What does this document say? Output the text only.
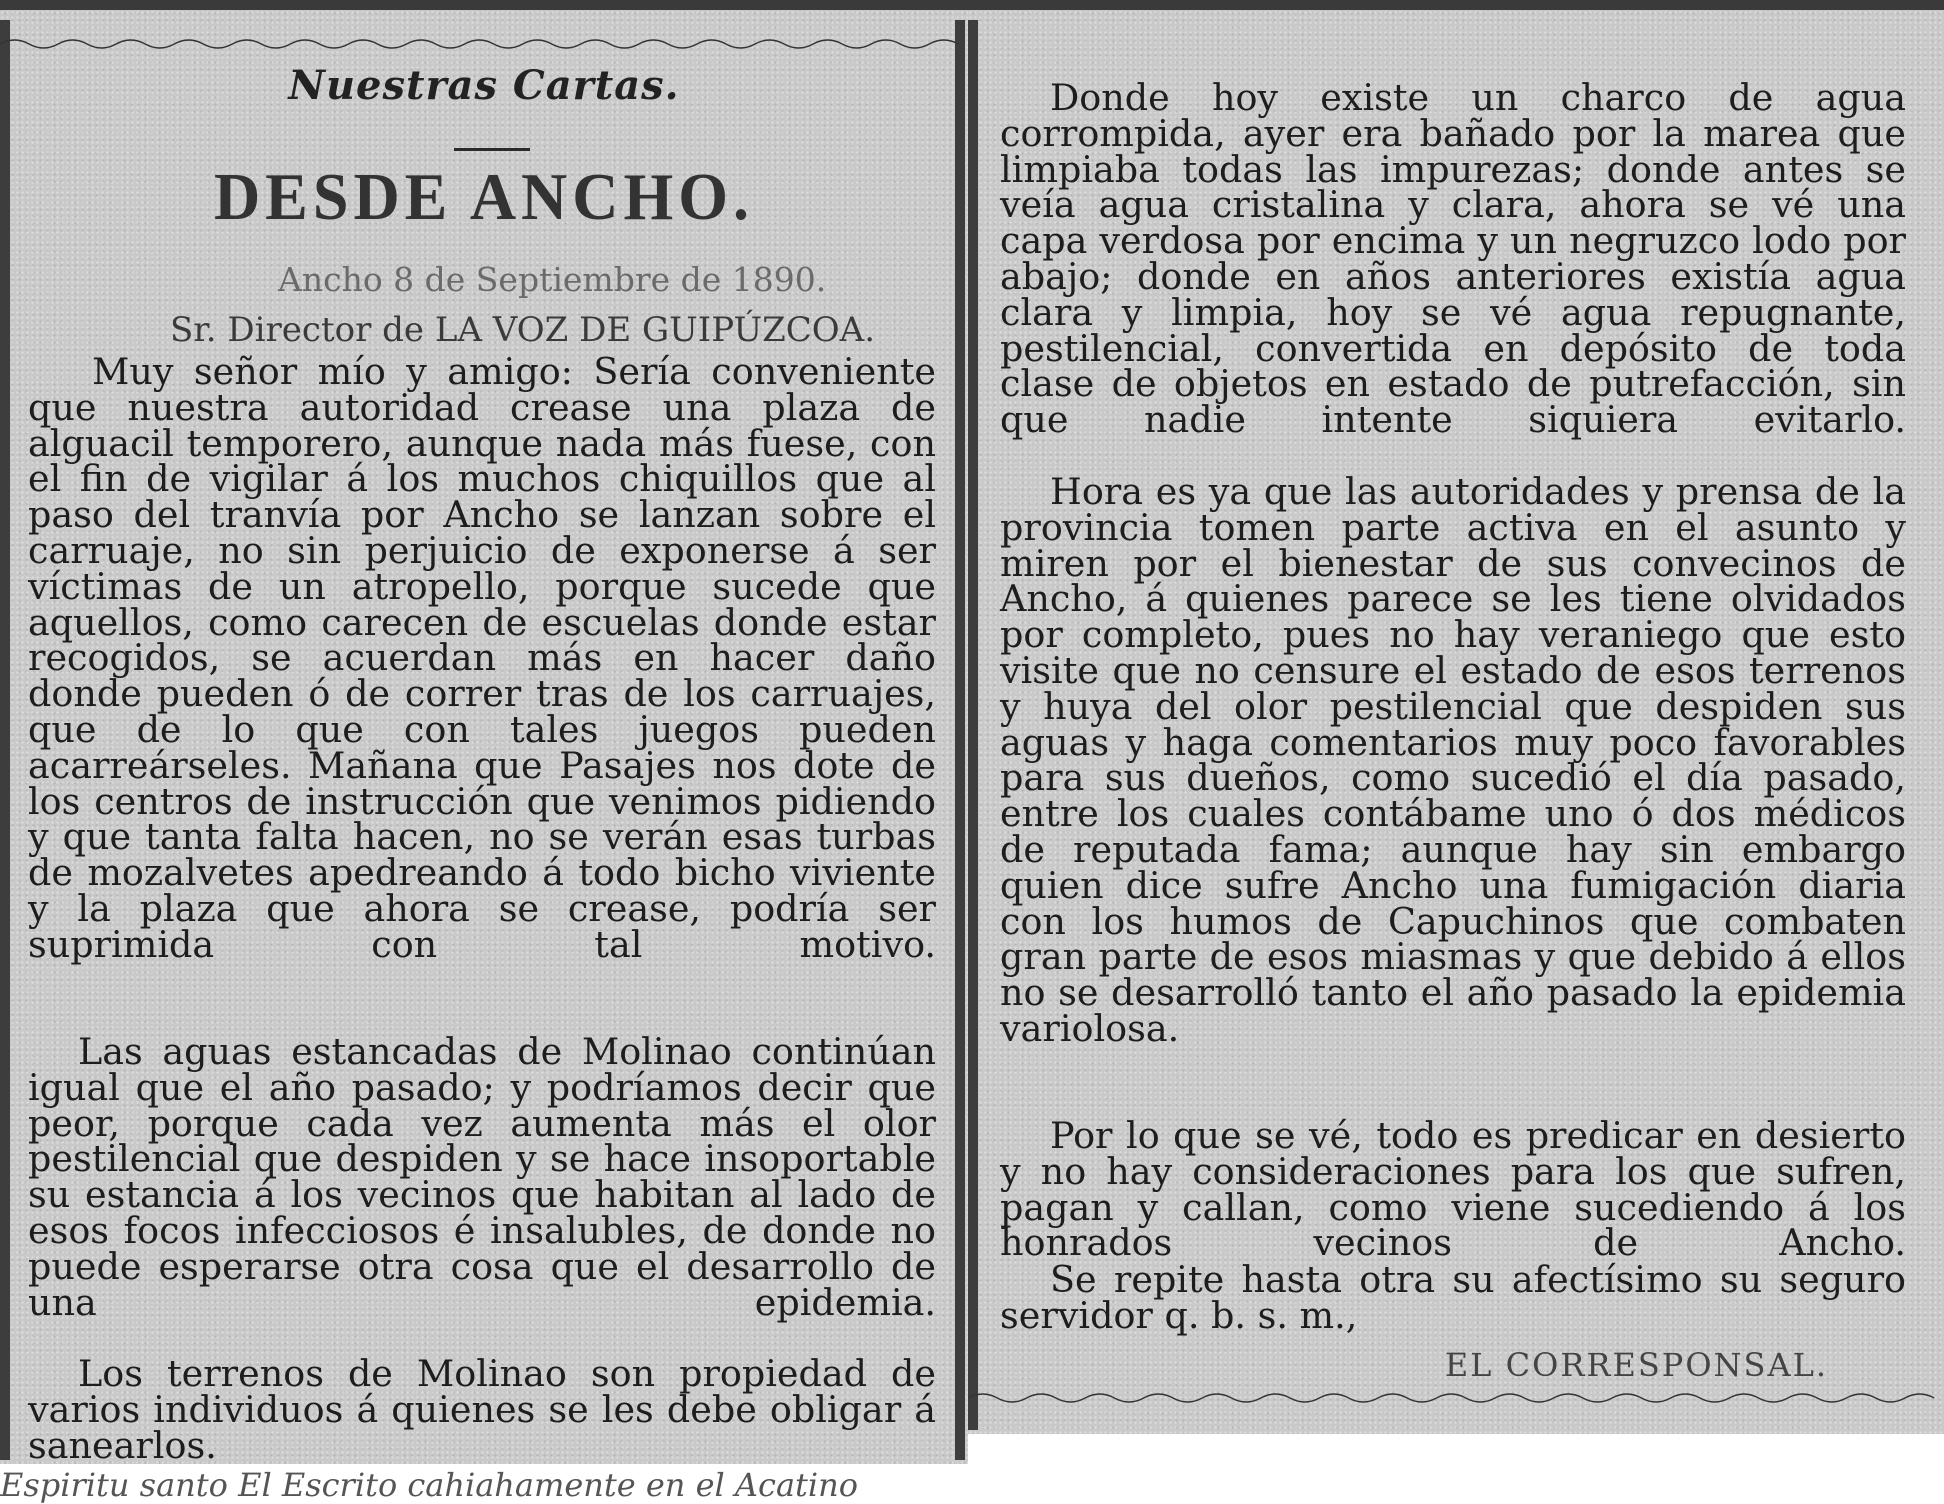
Nuestras Cartas.
DESDE ANCHO.
Ancho 8 de Septiembre de 1890.
Sr. Director de LA VOZ DE GUIPÚZCOA.

Muy señor mío y amigo: Sería conveniente que nuestra autoridad crease una plaza de alguacil temporero, aunque nada más fuese, con el fin de vigilar á los muchos chiquillos que al paso del tranvía por Ancho se lanzan sobre el carruaje, no sin perjuicio de exponerse á ser víctimas de un atropello, porque sucede que aquellos, como carecen de escuelas donde estar recogidos, se acuerdan más en hacer daño donde pueden ó de correr tras de los carruajes, que de lo que con tales juegos pueden acarreárseles. Mañana que Pasajes nos dote de los centros de instrucción que venimos pidiendo y que tanta falta hacen, no se verán esas turbas de mozalvetes apedreando á todo bicho viviente y la plaza que ahora se crease, podría ser suprimida con tal motivo.

Las aguas estancadas de Molinao continúan igual que el año pasado; y podríamos decir que peor, porque cada vez aumenta más el olor pestilencial que despiden y se hace insoportable su estancia á los vecinos que habitan al lado de esos focos infecciosos é insalubles, de donde no puede esperarse otra cosa que el desarrollo de una epidemia.

Los terrenos de Molinao son propiedad de varios individuos á quienes se les debe obligar á sanearlos.

Donde hoy existe un charco de agua corrompida, ayer era bañado por la marea que limpiaba todas las impurezas; donde antes se veía agua cristalina y clara, ahora se vé una capa verdosa por encima y un negruzco lodo por abajo; donde en años anteriores existía agua clara y limpia, hoy se vé agua repugnante, pestilencial, convertida en depósito de toda clase de objetos en estado de putrefacción, sin que nadie intente siquiera evitarlo.

Hora es ya que las autoridades y prensa de la provincia tomen parte activa en el asunto y miren por el bienestar de sus convecinos de Ancho, á quienes parece se les tiene olvidados por completo, pues no hay veraniego que esto visite que no censure el estado de esos terrenos y huya del olor pestilencial que despiden sus aguas y haga comentarios muy poco favorables para sus dueños, como sucedió el día pasado, entre los cuales contábame uno ó dos médicos de reputada fama; aunque hay sin embargo quien dice sufre Ancho una fumigación diaria con los humos de Capuchinos que combaten gran parte de esos miasmas y que debido á ellos no se desarrolló tanto el año pasado la epidemia variolosa.

Por lo que se vé, todo es predicar en desierto y no hay consideraciones para los que sufren, pagan y callan, como viene sucediendo á los honrados vecinos de Ancho.

Se repite hasta otra su afectísimo su seguro servidor q. b. s. m.,

EL CORRESPONSAL.
Espiritu santo El Escrito cahiahamente en el Acatino
